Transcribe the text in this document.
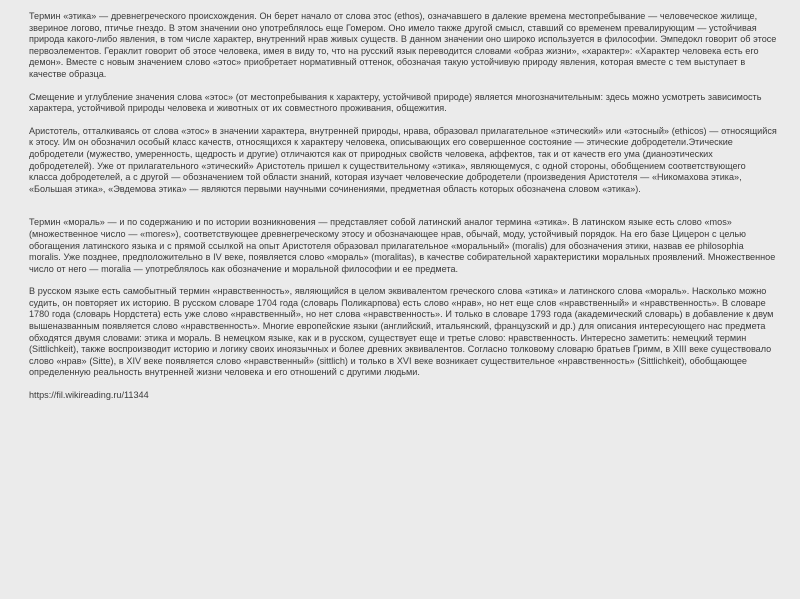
Термин «этика» — древнегреческого происхождения. Он берет начало от слова этос (ethos), означавшего в далекие времена местопребывание — человеческое жилище, звериное логово, птичье гнездо. В этом значении оно употреблялось еще Гомером. Оно имело также другой смысл, ставший со временем превалирующим — устойчивая природа какого-либо явления, в том числе характер, внутренний нрав живых существ. В данном значении оно широко используется в философии. Эмпедокл говорит об этосе первоэлементов. Гераклит говорит об этосе человека, имея в виду то, что на русский язык переводится словами «образ жизни», «характер»: «Характер человека есть его демон». Вместе с новым значением слово «этос» приобретает нормативный оттенок, обозначая такую устойчивую природу явления, которая вместе с тем выступает в качестве образца.

Смещение и углубление значения слова «этос» (от местопребывания к характеру, устойчивой природе) является многозначительным: здесь можно усмотреть зависимость характера, устойчивой природы человека и животных от их совместного проживания, общежития.

Аристотель, отталкиваясь от слова «этос» в значении характера, внутренней природы, нрава, образовал прилагательное «этический» или «этосный» (ethicos) — относящийся к этосу. Им он обозначил особый класс качеств, относящихся к характеру человека, описывающих его совершенное состояние — этические добродетели.Этические добродетели (мужество, умеренность, щедрость и другие) отличаются как от природных свойств человека, аффектов, так и от качеств его ума (дианоэтических добродетелей). Уже от прилагательного «этический» Аристотель пришел к существительному «этика», являющемуся, с одной стороны, обобщением соответствующего класса добродетелей, а с другой — обозначением той области знаний, которая изучает человеческие добродетели (произведения Аристотеля — «Никомахова этика», «Большая этика», «Эвдемова этика» — являются первыми научными сочинениями, предметная область которых обозначена словом «этика»).

Термин «мораль» — и по содержанию и по истории возникновения — представляет собой латинский аналог термина «этика». В латинском языке есть слово «mos» (множественное число — «mores»), соответствующее древнегреческому этосу и обозначающее нрав, обычай, моду, устойчивый порядок. На его базе Цицерон с целью обогащения латинского языка и с прямой ссылкой на опыт Аристотеля образовал прилагательное «моральный» (moralis) для обозначения этики, назвав ее philosophia moralis. Уже позднее, предположительно в IV веке, появляется слово «мораль» (moralitas), в качестве собирательной характеристики моральных проявлений. Множественное число от него — moralia — употреблялось как обозначение и моральной философии и ее предмета.

В русском языке есть самобытный термин «нравственность», являющийся в целом эквивалентом греческого слова «этика» и латинского слова «мораль». Насколько можно судить, он повторяет их историю. В русском словаре 1704 года (словарь Поликарпова) есть слово «нрав», но нет еще слов «нравственный» и «нравственность». В словаре 1780 года (словарь Нордстета) есть уже слово «нравственный», но нет слова «нравственность». И только в словаре 1793 года (академический словарь) в добавление к двум вышеназванным появляется слово «нравственность». Многие европейские языки (английский, итальянский, французский и др.) для описания интересующего нас предмета обходятся двумя словами: этика и мораль. В немецком языке, как и в русском, существует еще и третье слово: нравственность. Интересно заметить: немецкий термин (Sittlichkeit), также воспроизводит историю и логику своих иноязычных и более древних эквивалентов. Согласно толковому словарю братьев Гримм, в XIII веке существовало слово «нрав» (Sitte), в XIV веке появляется слово «нравственный» (sittlich) и только в XVI веке возникает существительное «нравственность» (Sittlichkeit), обобщающее определенную реальность внутренней жизни человека и его отношений с другими людьми.

https://fil.wikireading.ru/11344
